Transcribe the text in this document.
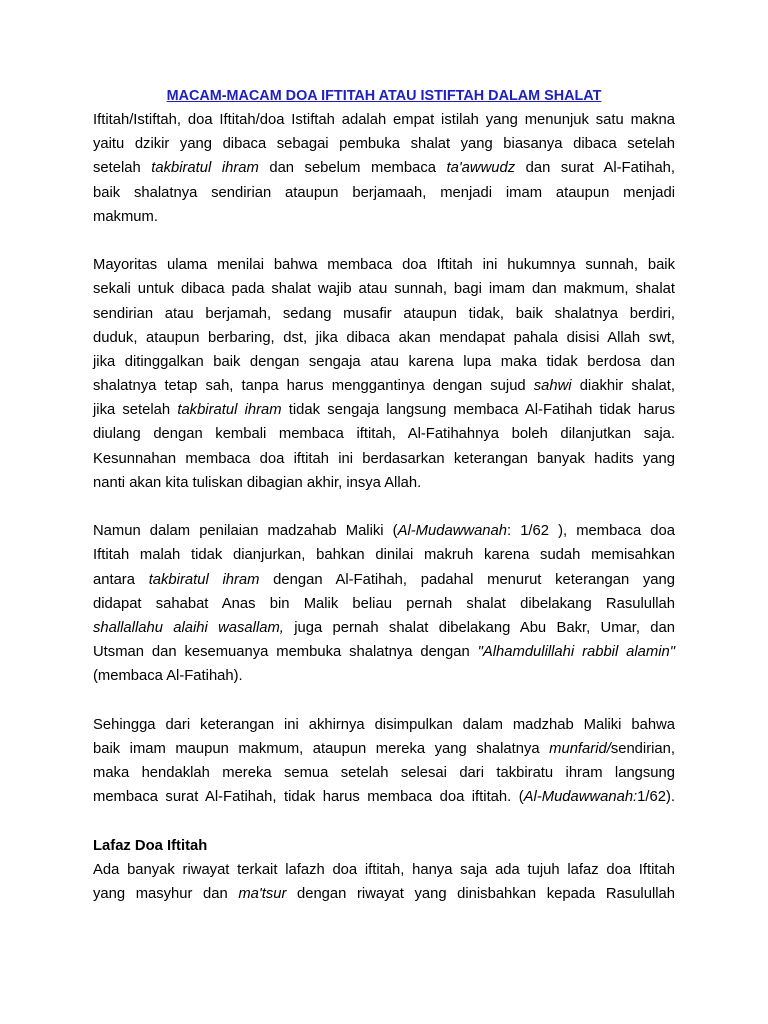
MACAM-MACAM DOA IFTITAH ATAU ISTIFTAH DALAM SHALAT
Iftitah/Istiftah, doa Iftitah/doa Istiftah adalah empat istilah yang menunjuk satu makna
yaitu dzikir yang dibaca sebagai pembuka shalat yang biasanya dibaca setelah
setelah takbiratul ihram dan sebelum membaca ta'awwudz dan surat Al-Fatihah,
baik shalatnya sendirian ataupun berjamaah, menjadi imam ataupun menjadi
makmum.
Mayoritas ulama menilai bahwa membaca doa Iftitah ini hukumnya sunnah, baik
sekali untuk dibaca pada shalat wajib atau sunnah, bagi imam dan makmum, shalat
sendirian atau berjamah, sedang musafir ataupun tidak, baik shalatnya berdiri,
duduk, ataupun berbaring, dst, jika dibaca akan mendapat pahala disisi Allah swt,
jika ditinggalkan baik dengan sengaja atau karena lupa maka tidak berdosa dan
shalatnya tetap sah, tanpa harus menggantinya dengan sujud sahwi diakhir shalat,
jika setelah takbiratul ihram tidak sengaja langsung membaca Al-Fatihah tidak harus
diulang dengan kembali membaca iftitah, Al-Fatihahnya boleh dilanjutkan saja.
Kesunnahan membaca doa iftitah ini berdasarkan keterangan banyak hadits yang
nanti akan kita tuliskan dibagian akhir, insya Allah.
Namun dalam penilaian madzahab Maliki (Al-Mudawwanah: 1/62 ), membaca doa
Iftitah malah tidak dianjurkan, bahkan dinilai makruh karena sudah memisahkan
antara takbiratul ihram dengan Al-Fatihah, padahal menurut keterangan yang
didapat sahabat Anas bin Malik beliau pernah shalat dibelakang Rasulullah
shallallahu alaihi wasallam, juga pernah shalat dibelakang Abu Bakr, Umar, dan
Utsman dan kesemuanya membuka shalatnya dengan "Alhamdulillahi rabbil alamin"
(membaca Al-Fatihah).
Sehingga dari keterangan ini akhirnya disimpulkan dalam madzhab Maliki bahwa
baik imam maupun makmum, ataupun mereka yang shalatnya munfarid/sendirian,
maka hendaklah mereka semua setelah selesai dari takbiratu ihram langsung
membaca surat Al-Fatihah, tidak harus membaca doa iftitah. (Al-Mudawwanah:1/62).
Lafaz Doa Iftitah
Ada banyak riwayat terkait lafazh doa iftitah, hanya saja ada tujuh lafaz doa Iftitah
yang masyhur dan ma'tsur dengan riwayat yang dinisbahkan kepada Rasulullah
